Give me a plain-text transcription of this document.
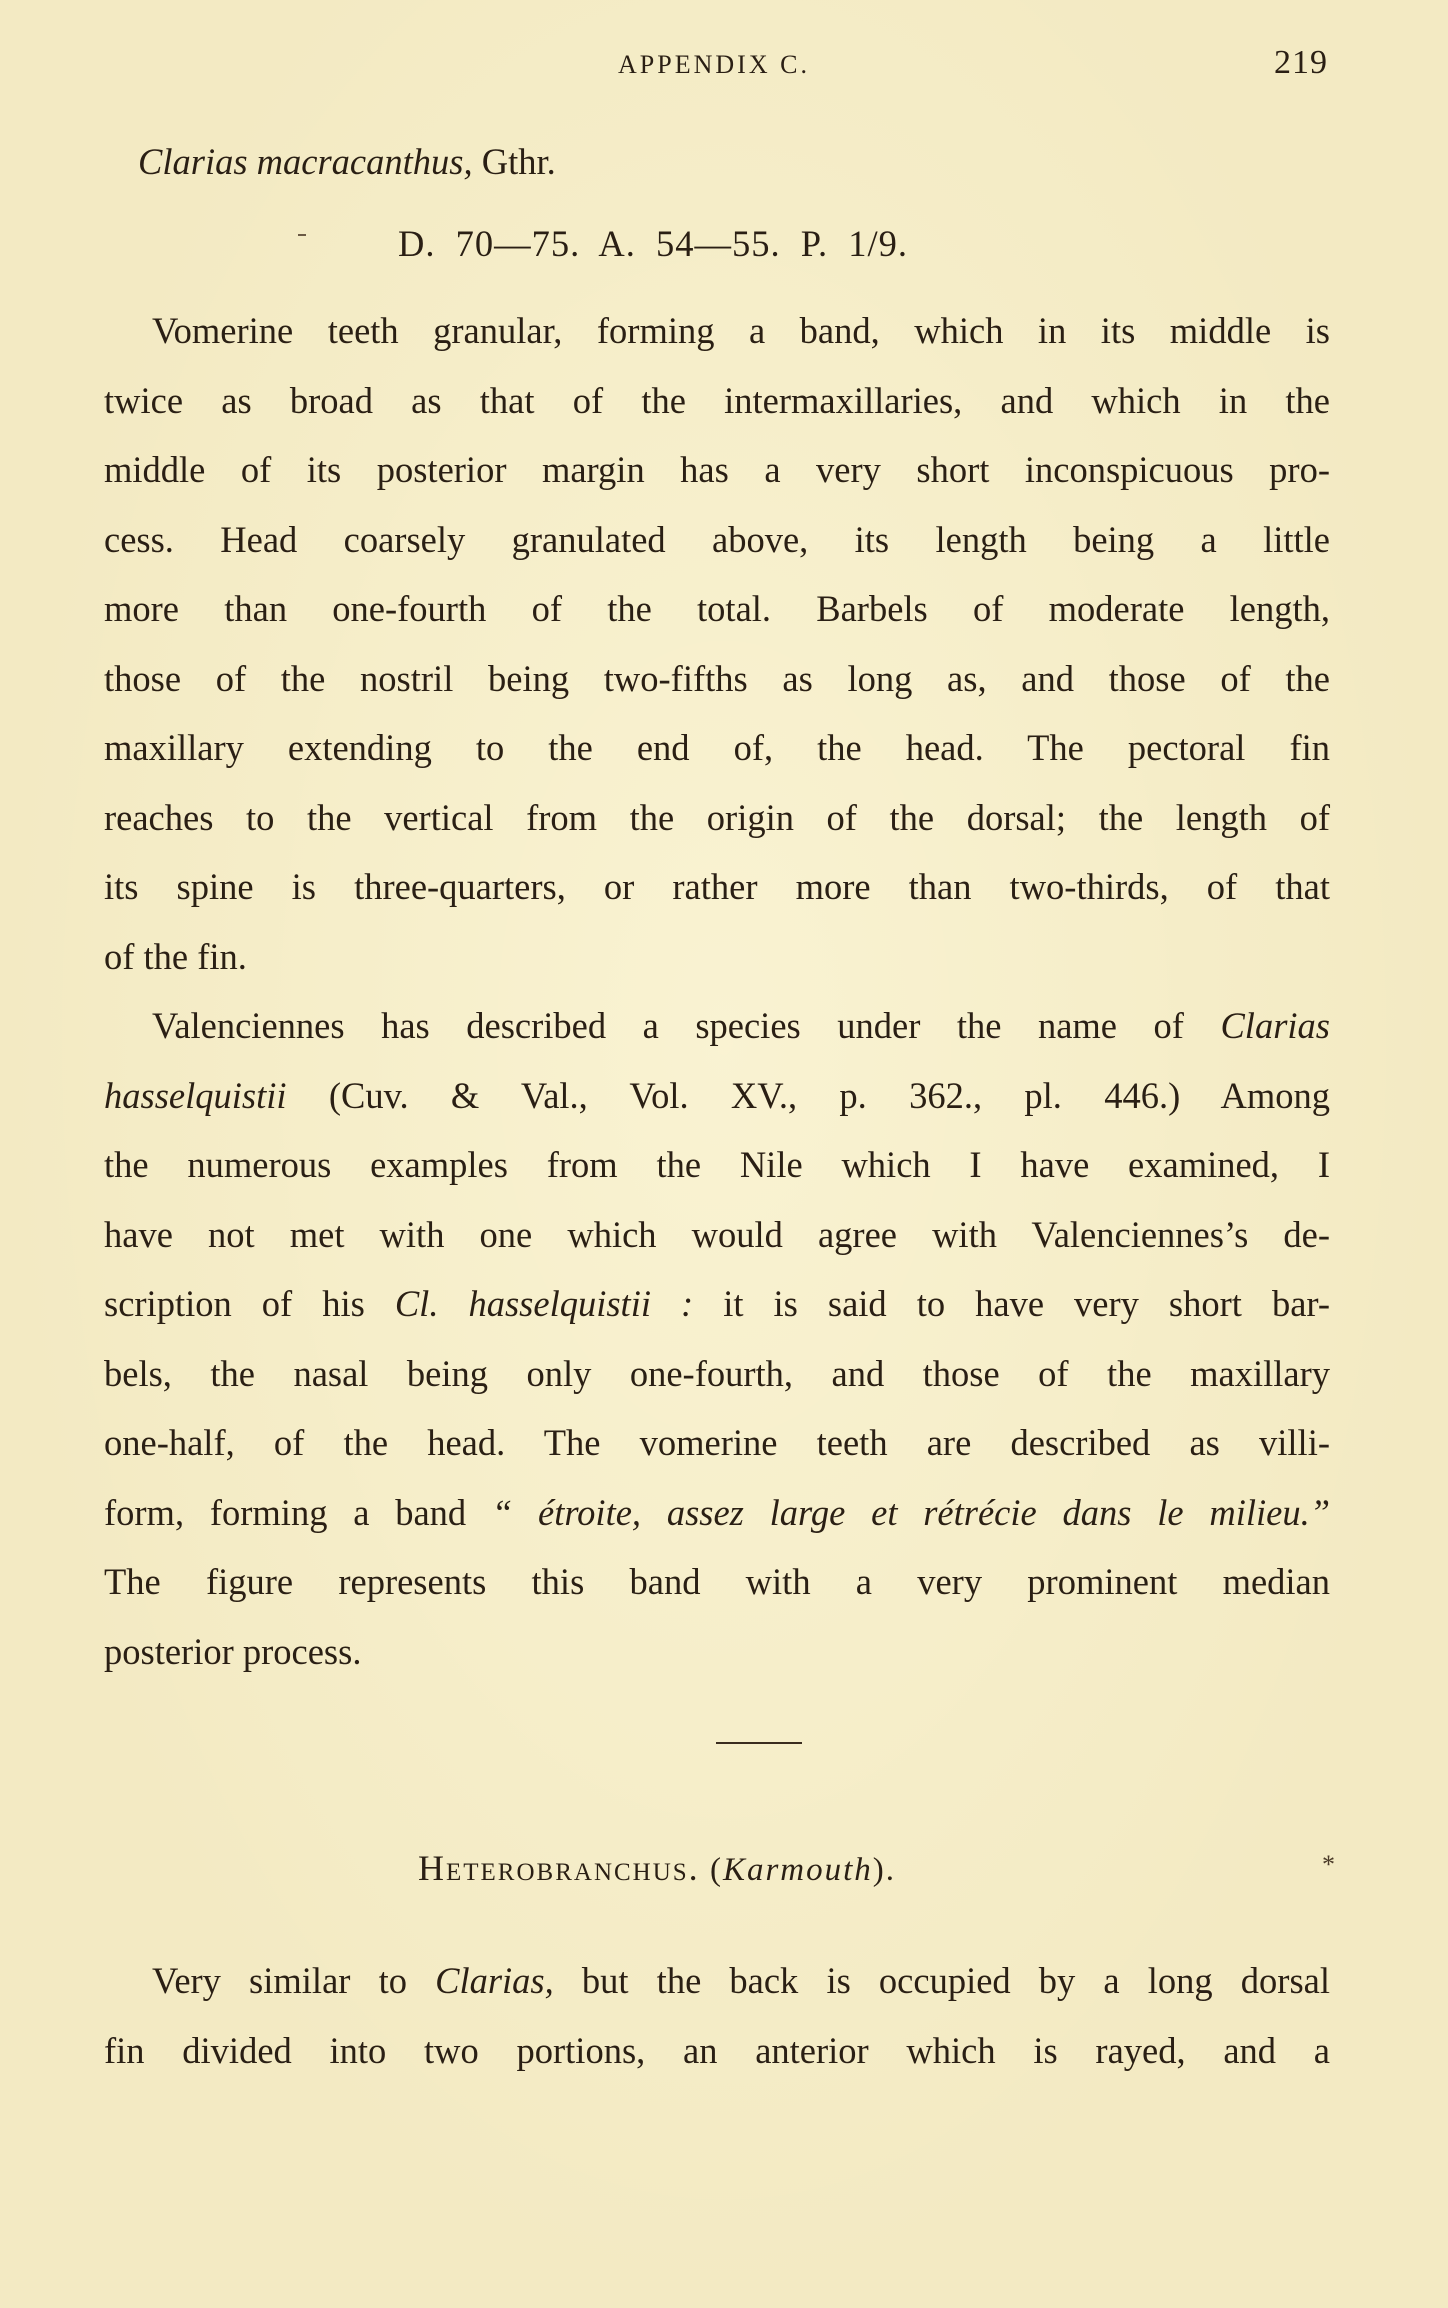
APPENDIX C.	219
Clarias macracanthus, Gthr.
D. 70—75. A. 54—55. P. 1/9.
Vomerine teeth granular, forming a band, which in its middle is
twice as broad as that of the intermaxillaries, and which in the
middle of its posterior margin has a very short inconspicuous pro-
cess. Head coarsely granulated above, its length being a little
more than one-fourth of the total. Barbels of moderate length,
those of the nostril being two-fifths as long as, and those of the
maxillary extending to the end of, the head. The pectoral fin
reaches to the vertical from the origin of the dorsal; the length of
its spine is three-quarters, or rather more than two-thirds, of that
of the fin.
Valenciennes has described a species under the name of Clarias
hasselquistii (Cuv. & Val., Vol. XV., p. 362., pl. 446.) Among
the numerous examples from the Nile which I have examined, I
have not met with one which would agree with Valenciennes’s de-
scription of his Cl. hasselquistii : it is said to have very short bar-
bels, the nasal being only one-fourth, and those of the maxillary
one-half, of the head. The vomerine teeth are described as villi-
form, forming a band “ étroite, assez large et rétrécie dans le milieu.”
The figure represents this band with a very prominent median
posterior process.
Heterobranchus. (Karmouth).	*
Very similar to Clarias, but the back is occupied by a long dorsal
fin divided into two portions, an anterior which is rayed, and a
